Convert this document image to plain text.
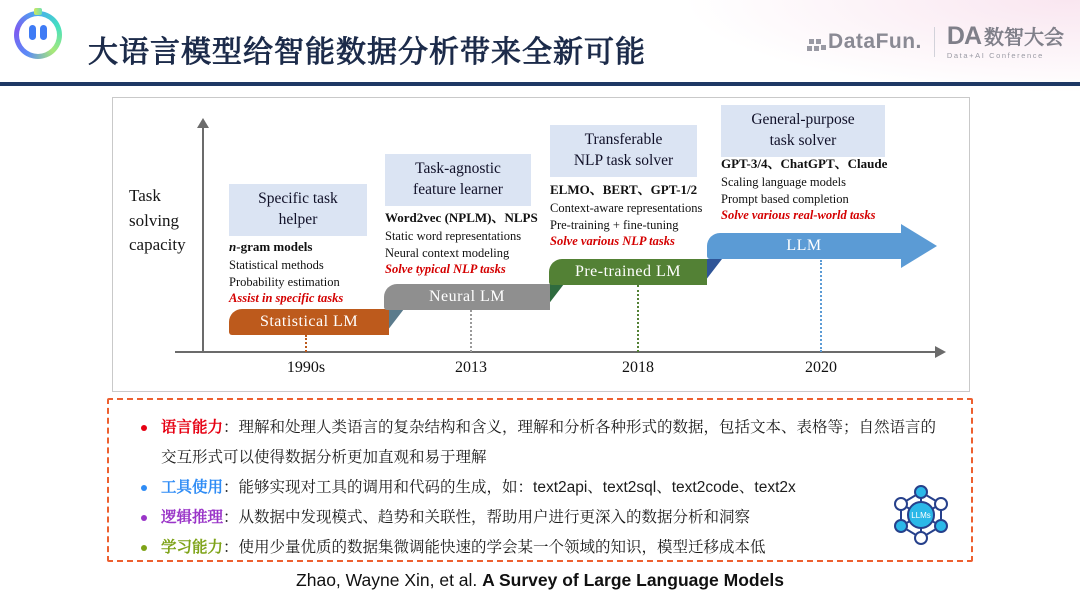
大语言模型给智能数据分析带来全新可能	DataFun. DA 数智大会
Data+AI Conference
Task solving capacity
1990s	2013	2018	2020
Specific task
helper
n-gram models
Statistical methods
Probability estimation
Assist in specific tasks
Task-agnostic
feature learner
Word2vec (NPLM)、NLPS
Static word representations
Neural context modeling
Solve typical NLP tasks
Transferable
NLP task solver
ELMO、BERT、GPT-1/2
Context-aware representations
Pre-training + fine-tuning
Solve various NLP tasks
General-purpose
task solver
GPT-3/4、ChatGPT、Claude
Scaling language models
Prompt based completion
Solve various real-world tasks
Statistical LM
Neural LM
Pre-trained LM
LLM
语言能力：理解和处理人类语言的复杂结构和含义，理解和分析各种形式的数据，包括文本、表格等；自然语言的交互形式可以使得数据分析更加直观和易于理解
工具使用：能够实现对工具的调用和代码的生成，如：text2api、text2sql、text2code、text2x
逻辑推理：从数据中发现模式、趋势和关联性，帮助用户进行更深入的数据分析和洞察
学习能力：使用少量优质的数据集微调能快速的学会某一个领域的知识，模型迁移成本低
LLMs
Zhao, Wayne Xin, et al. A Survey of Large Language Models
